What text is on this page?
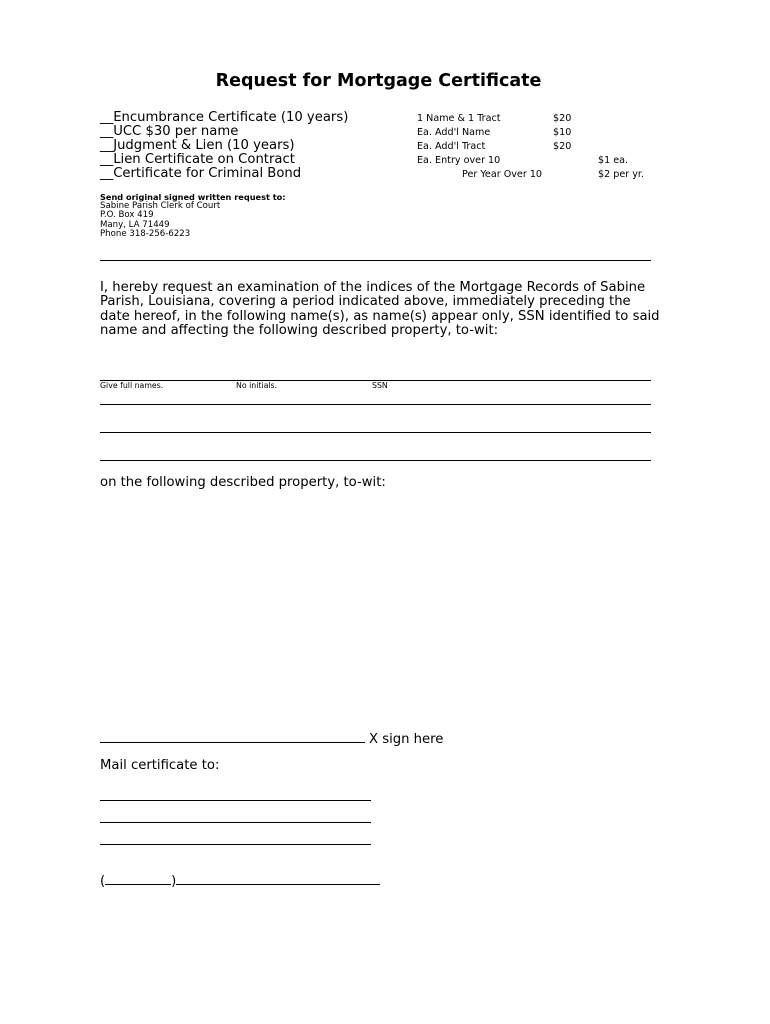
Request for Mortgage Certificate
__Encumbrance Certificate (10 years)
__UCC $30 per name
__Judgment & Lien (10 years)
__Lien Certificate on Contract
__Certificate for Criminal Bond
1 Name & 1 Tract	$20
Ea. Add'l Name	$10
Ea. Add'l Tract	$20
Ea. Entry over 10	$1 ea.
Per Year Over 10	$2 per yr.
Send original signed written request to:
Sabine Parish Clerk of Court
P.O. Box 419
Many, LA 71449
Phone 318-256-6223
I, hereby request an examination of the indices of the Mortgage Records of Sabine Parish, Louisiana, covering a period indicated above, immediately preceding the date hereof, in the following name(s), as name(s) appear only, SSN identified to said name and affecting the following described property, to-wit:
Give full names.	No initials.	SSN
on the following described property, to-wit:
X sign here
Mail certificate to:
(	)
